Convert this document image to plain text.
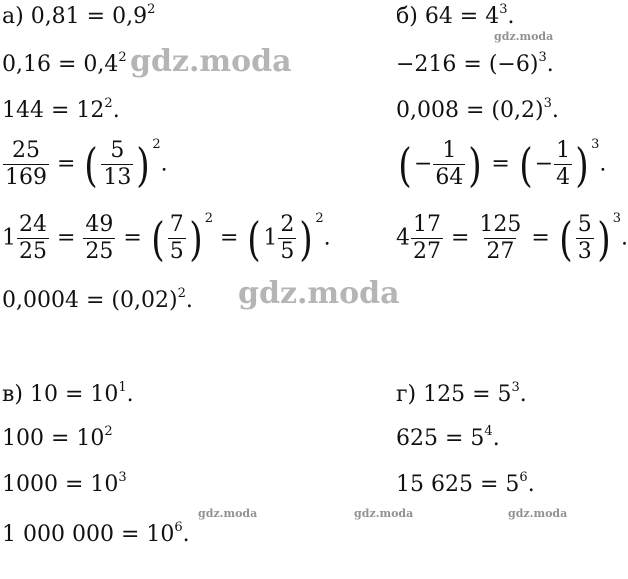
а) $0,81 = 0,9^2$
$0,16 = 0,4^2$
$144 = 12^2$.
$\frac{25}{169}$ = ( $\frac{5}{13}$ ) $^2$.
$1 \frac{24}{25} = \frac{49}{25}$ = ( $\frac{7}{5}$ ) $^2$ = ( $1 \frac{2}{5}$ ) $^2$.
$0,0004 = (0,02)^2$.
б) $64 = 4^3$.
$-216 = (-6)^3$.
$0,008 = (0,2)^3$.
( − $\frac{1}{64}$ ) = ( − $\frac{1}{4}$ ) $^3$.
$4 \frac{17}{27} = \frac{125}{27}$ = ( $\frac{5}{3}$ ) $^3$.
в) $10 = 10^1$.
$100 = 10^2$
$1000 = 10^3$
1 000 $000 = 10^6$.
г) $125 = 5^3$.
$625 = 5^4$.
15 $625 = 5^6$.
gdz.moda
gdz.moda
gdz.moda
gdz.moda	gdz.moda	gdz.moda
